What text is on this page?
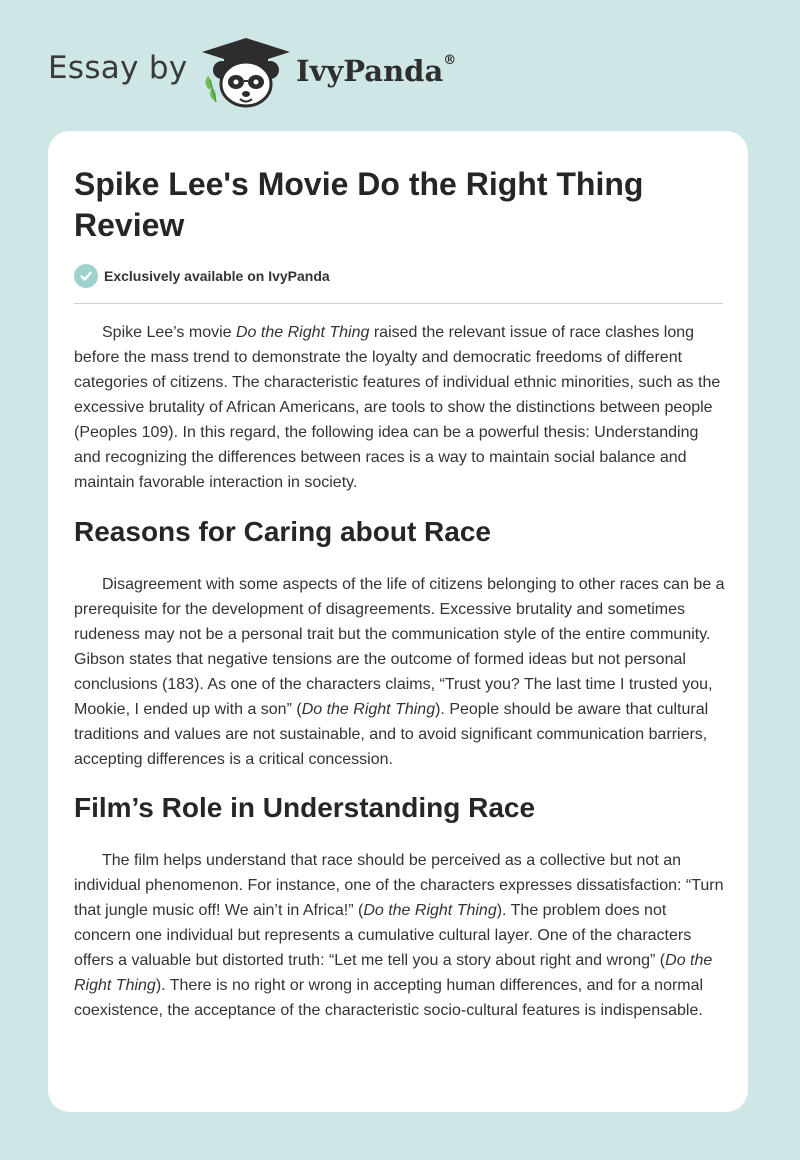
Essay by	IvyPanda®
Spike Lee's Movie Do the Right Thing Review
Exclusively available on IvyPanda

Spike Lee’s movie Do the Right Thing raised the relevant issue of race clashes long before the mass trend to demonstrate the loyalty and democratic freedoms of different categories of citizens. The characteristic features of individual ethnic minorities, such as the excessive brutality of African Americans, are tools to show the distinctions between people (Peoples 109). In this regard, the following idea can be a powerful thesis: Understanding and recognizing the differences between races is a way to maintain social balance and maintain favorable interaction in society.

Reasons for Caring about Race

Disagreement with some aspects of the life of citizens belonging to other races can be a prerequisite for the development of disagreements. Excessive brutality and sometimes rudeness may not be a personal trait but the communication style of the entire community. Gibson states that negative tensions are the outcome of formed ideas but not personal conclusions (183). As one of the characters claims, “Trust you? The last time I trusted you, Mookie, I ended up with a son” (Do the Right Thing). People should be aware that cultural traditions and values are not sustainable, and to avoid significant communication barriers, accepting differences is a critical concession.

Film’s Role in Understanding Race

The film helps understand that race should be perceived as a collective but not an individual phenomenon. For instance, one of the characters expresses dissatisfaction: “Turn that jungle music off! We ain’t in Africa!” (Do the Right Thing). The problem does not concern one individual but represents a cumulative cultural layer. One of the characters offers a valuable but distorted truth: “Let me tell you a story about right and wrong” (Do the Right Thing). There is no right or wrong in accepting human differences, and for a normal coexistence, the acceptance of the characteristic socio-cultural features is indispensable.
